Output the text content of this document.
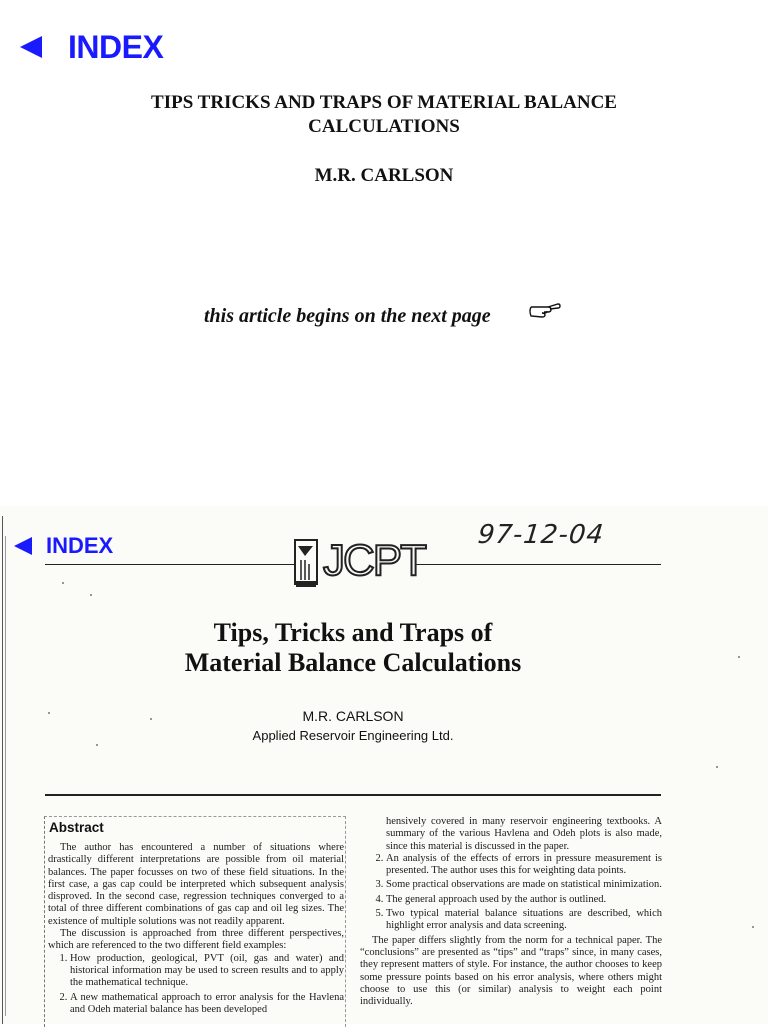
INDEX
TIPS TRICKS AND TRAPS OF MATERIAL BALANCE
CALCULATIONS
M.R. CARLSON
this article begins on the next page
INDEX	JCPT
97-12-04
Tips, Tricks and Traps of
Material Balance Calculations
M.R. CARLSON
Applied Reservoir Engineering Ltd.
Abstract

The author has encountered a number of situations where drastically different interpretations are possible from oil material balances. The paper focusses on two of these field situations. In the first case, a gas cap could be interpreted which subsequent analysis disproved. In the second case, regression techniques converged to a total of three different combinations of gas cap and oil leg sizes. The existence of multiple solutions was not readily apparent.

The discussion is approached from three different perspectives, which are referenced to the two different field examples:

1. How production, geological, PVT (oil, gas and water) and historical information may be used to screen results and to apply the mathematical technique.
2. A new mathematical approach to error analysis for the Havlena and Odeh material balance has been developed

hensively covered in many reservoir engineering textbooks. A summary of the various Havlena and Odeh plots is also made, since this material is discussed in the paper.

2. An analysis of the effects of errors in pressure measurement is presented. The author uses this for weighting data points.
3. Some practical observations are made on statistical minimization.
4. The general approach used by the author is outlined.
5. Two typical material balance situations are described, which highlight error analysis and data screening.

The paper differs slightly from the norm for a technical paper. The “conclusions” are presented as “tips” and “traps” since, in many cases, they represent matters of style. For instance, the author chooses to keep some pressure points based on his error analysis, where others might choose to use this (or similar) analysis to weight each point individually.
